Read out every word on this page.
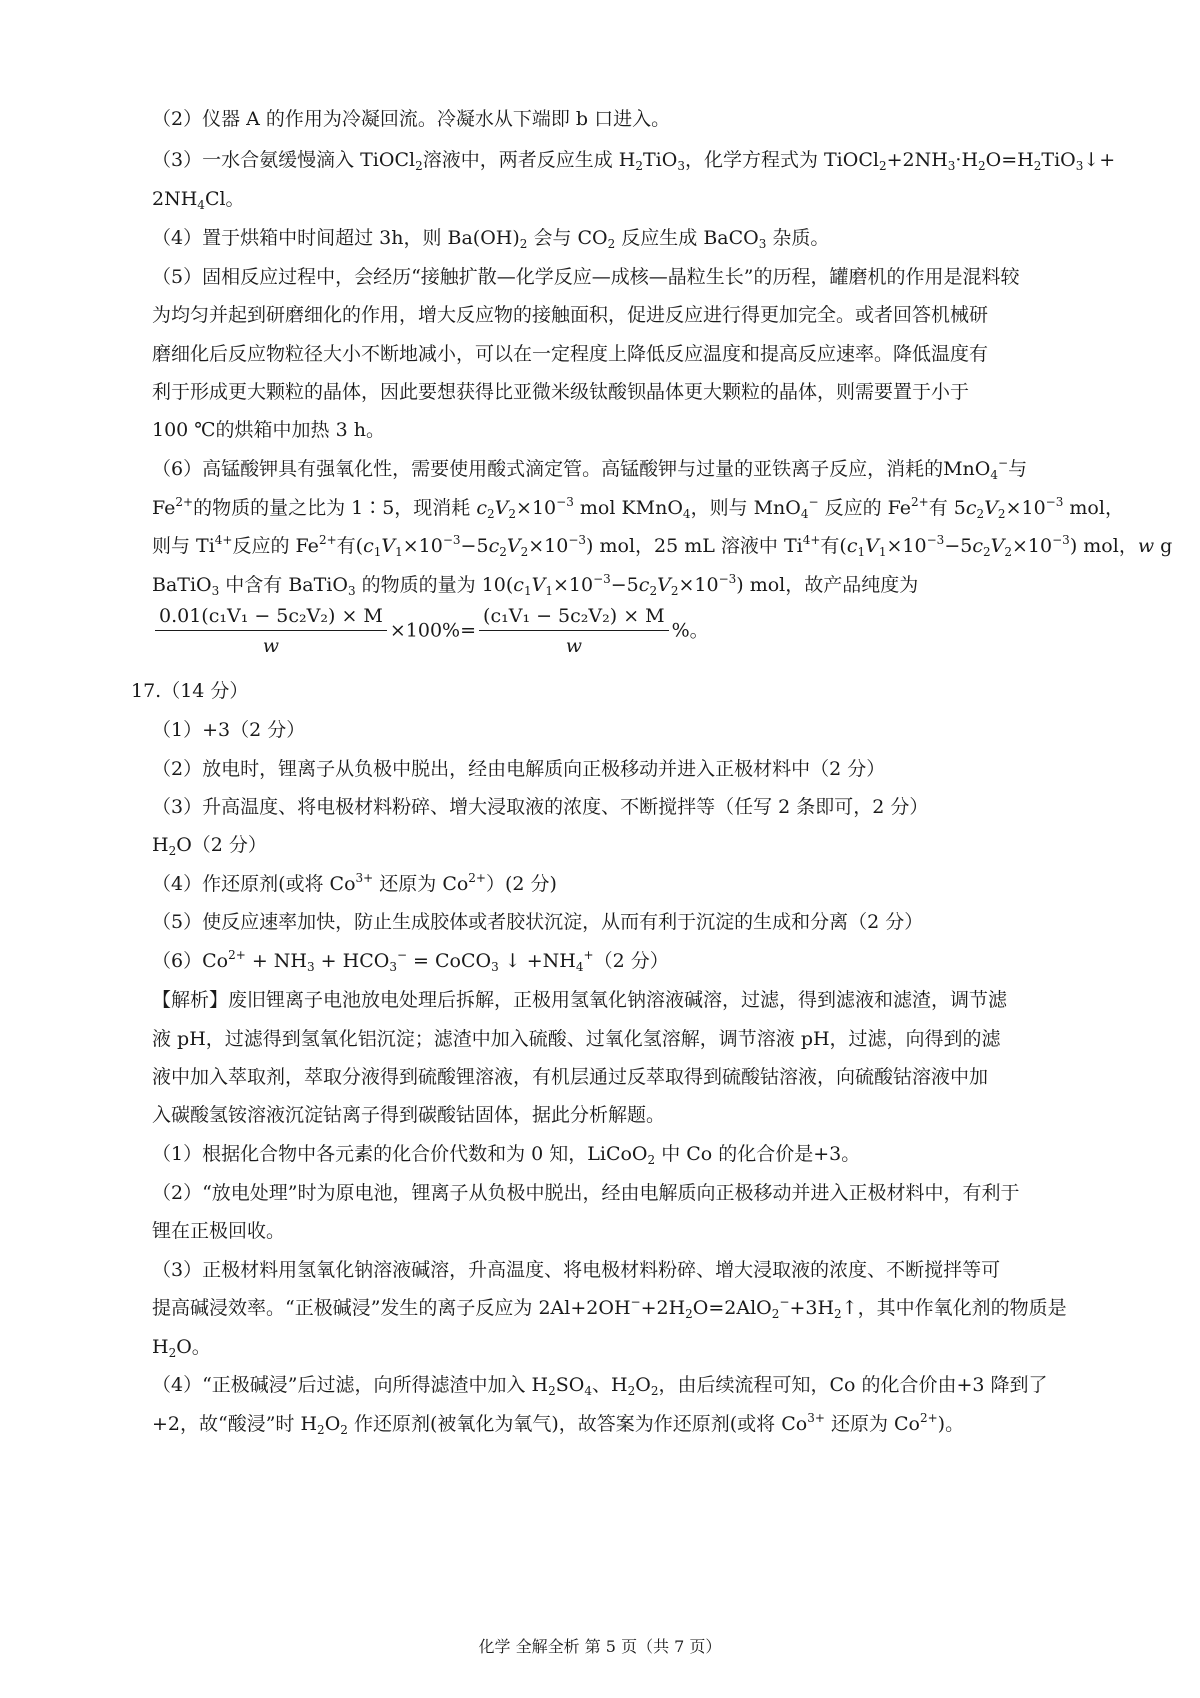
（2）仪器 A 的作用为冷凝回流。冷凝水从下端即 b 口进入。
（3）一水合氨缓慢滴入 TiOCl$_2$溶液中，两者反应生成 $H_2TiO_3$，化学方程式为 $TiOCl_2+2NH_3\cdot H_2O=H_2TiO_3↓+$
$2NH_4Cl$。
（4）置于烘箱中时间超过 3h，则 $Ba(OH)_2$ 会与 $CO_2$ 反应生成 BaCO$_3$ 杂质。
（5）固相反应过程中，会经历“接触扩散—化学反应—成核—晶粒生长”的历程，罐磨机的作用是混料较
为均匀并起到研磨细化的作用，增大反应物的接触面积，促进反应进行得更加完全。或者回答机械研
磨细化后反应物粒径大小不断地减小，可以在一定程度上降低反应温度和提高反应速率。降低温度有
利于形成更大颗粒的晶体，因此要想获得比亚微米级钛酸钡晶体更大颗粒的晶体，则需要置于小于
100 ℃的烘箱中加热 3 h。
（6）高锰酸钾具有强氧化性，需要使用酸式滴定管。高锰酸钾与过量的亚铁离子反应，消耗的MnO$_4$−与
$Fe^{2+}$的物质的量之比为 1∶5，现消耗 $c_2V_2\times 10^{-3}$ mol KMnO$_4$，则与 MnO$_4$− 反应的 $Fe^{2+}$有 $5c_2V_2\times 10^{-3}$ mol，
则与 $Ti^{4+}$反应的 $Fe^{2+}$有$(c_1V_1\times 10^{-3}-5c_2V_2\times 10^{-3})$ mol，25 mL 溶液中 $Ti^{4+}$有$(c_1V_1\times 10^{-3}-5c_2V_2\times 10^{-3})$ mol，w g
BaTiO$_3$ 中含有 BaTiO$_3$ 的物质的量为 $10(c_1V_1\times 10^{-3}-5c_2V_2\times 10^{-3})$ mol，故产品纯度为
$\frac{\text{0.01(c₁V₁ − 5c₂V₂) × M}}{w} \times 100\%= \frac{\text{(c₁V₁ − 5c₂V₂) × M}}{w}$ %。
17.（14 分）
（1）+3（2 分）
（2）放电时，锂离子从负极中脱出，经由电解质向正极移动并进入正极材料中（2 分）
（3）升高温度、将电极材料粉碎、增大浸取液的浓度、不断搅拌等（任写 2 条即可，2 分）
$H_2O(2$ 分）
（4）作还原剂(或将 $Co^{3+}$ 还原为 $Co^{2+})(2$ 分)
（5）使反应速率加快，防止生成胶体或者胶状沉淀，从而有利于沉淀的生成和分离（2 分）
$(6)Co^{2+} + NH_3 + HCO_3^-$ = CoCO$_3$ ↓ $+NH_4^+(2$ 分）
【解析】废旧锂离子电池放电处理后拆解，正极用氢氧化钠溶液碱溶，过滤，得到滤液和滤渣，调节滤
液 pH，过滤得到氢氧化铝沉淀；滤渣中加入硫酸、过氧化氢溶解，调节溶液 pH，过滤，向得到的滤
液中加入萃取剂，萃取分液得到硫酸锂溶液，有机层通过反萃取得到硫酸钴溶液，向硫酸钴溶液中加
入碳酸氢铵溶液沉淀钴离子得到碳酸钴固体，据此分析解题。
（1）根据化合物中各元素的化合价代数和为 0 知，LiCoO$_2$ 中 Co 的化合价是+3。
（2）“放电处理”时为原电池，锂离子从负极中脱出，经由电解质向正极移动并进入正极材料中，有利于
锂在正极回收。
（3）正极材料用氢氧化钠溶液碱溶，升高温度、将电极材料粉碎、增大浸取液的浓度、不断搅拌等可
提高碱浸效率。“正极碱浸”发生的离子反应为 $2Al+2OH^-+2H_2O=2AlO_2^-+3H_2↑$，其中作氧化剂的物质是
$H_2O$。
（4）“正极碱浸”后过滤，向所得滤渣中加入 $H_2SO_4$、$H_2O_2$，由后续流程可知，Co 的化合价由+3 降到了
+2，故“酸浸”时 $H_2O_2$ 作还原剂(被氧化为氧气)，故答案为作还原剂(或将 $Co^{3+}$ 还原为 $Co^{2+}$)。
化学 全解全析 第 5 页（共 7 页）
